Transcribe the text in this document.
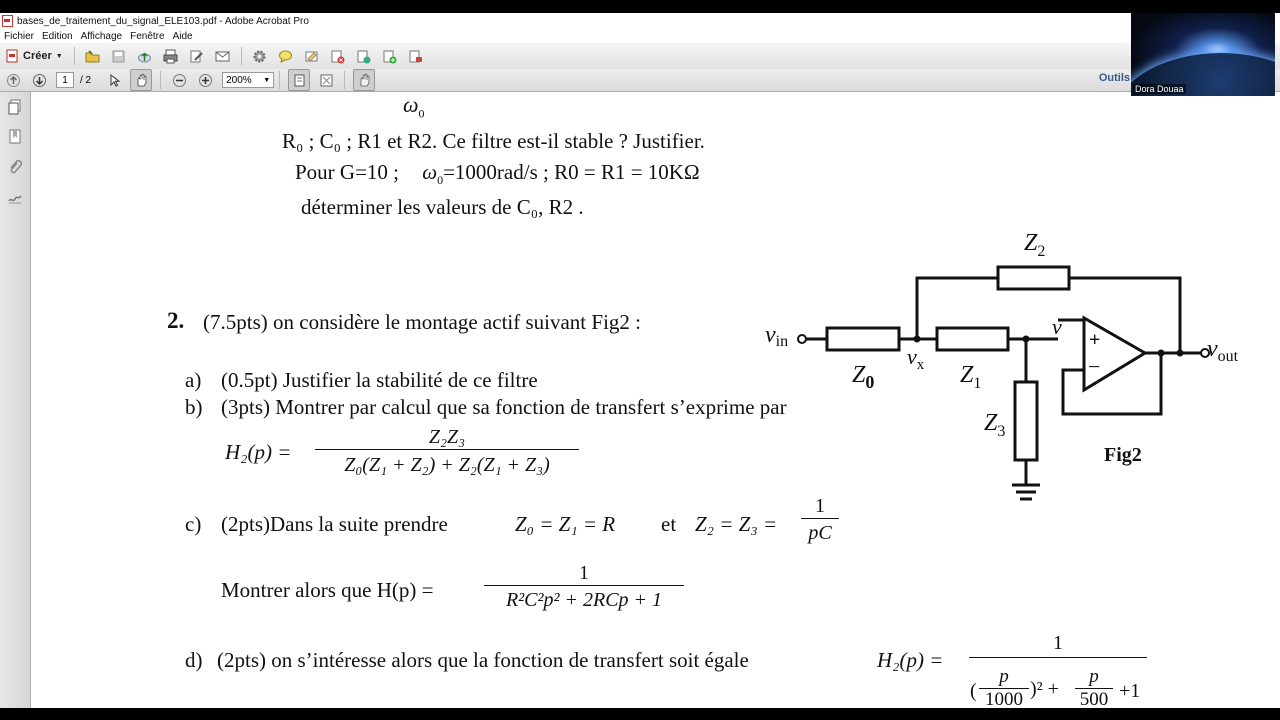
bases_de_traitement_du_signal_ELE103.pdf - Adobe Acrobat Pro
Fichier Edition Affichage Fenêtre Aide
Créer ▼
1 / 2	200% ▼	Outils
$\omega_0$
R₀ ; C₀ ; R1 et R2. Ce filtre est-il stable ? Justifier.
Pour G=10 ; $\omega_0=1000rad/s$ ; R0 = R1 = 10KΩ
déterminer les valeurs de C₀, R2 .
2. (7.5pts) on considère le montage actif suivant Fig2 :
a) (0.5pt) Justifier la stabilité de ce filtre
b) (3pts) Montrer par calcul que sa fonction de transfert s’exprime par
$H_2(p) = \frac{\text{Z₂Z₃}}{\text{Z₀(Z₁ + Z₂) + Z₂(Z₁ + Z₃)}}$
c) (2pts)Dans la suite prendre	Z₀ = Z₁ = R et $Z_2 = Z_3 = \frac{1}{pC}$
Montrer alors que H(p) =
1
R²C²p² + 2RCp + 1
d) (2pts) on s’intéresse alors que la fonction de transfert soit égale	H₂(p) =
1
( $\frac{p}{1000} )^2 + \frac{p}{500} +1$
+
−
$Z_2$
$Z_0$	$Z_1$
$Z_3$
vin
$v_x$
v
$v_{out}$
Fig2
Dora Douaa
